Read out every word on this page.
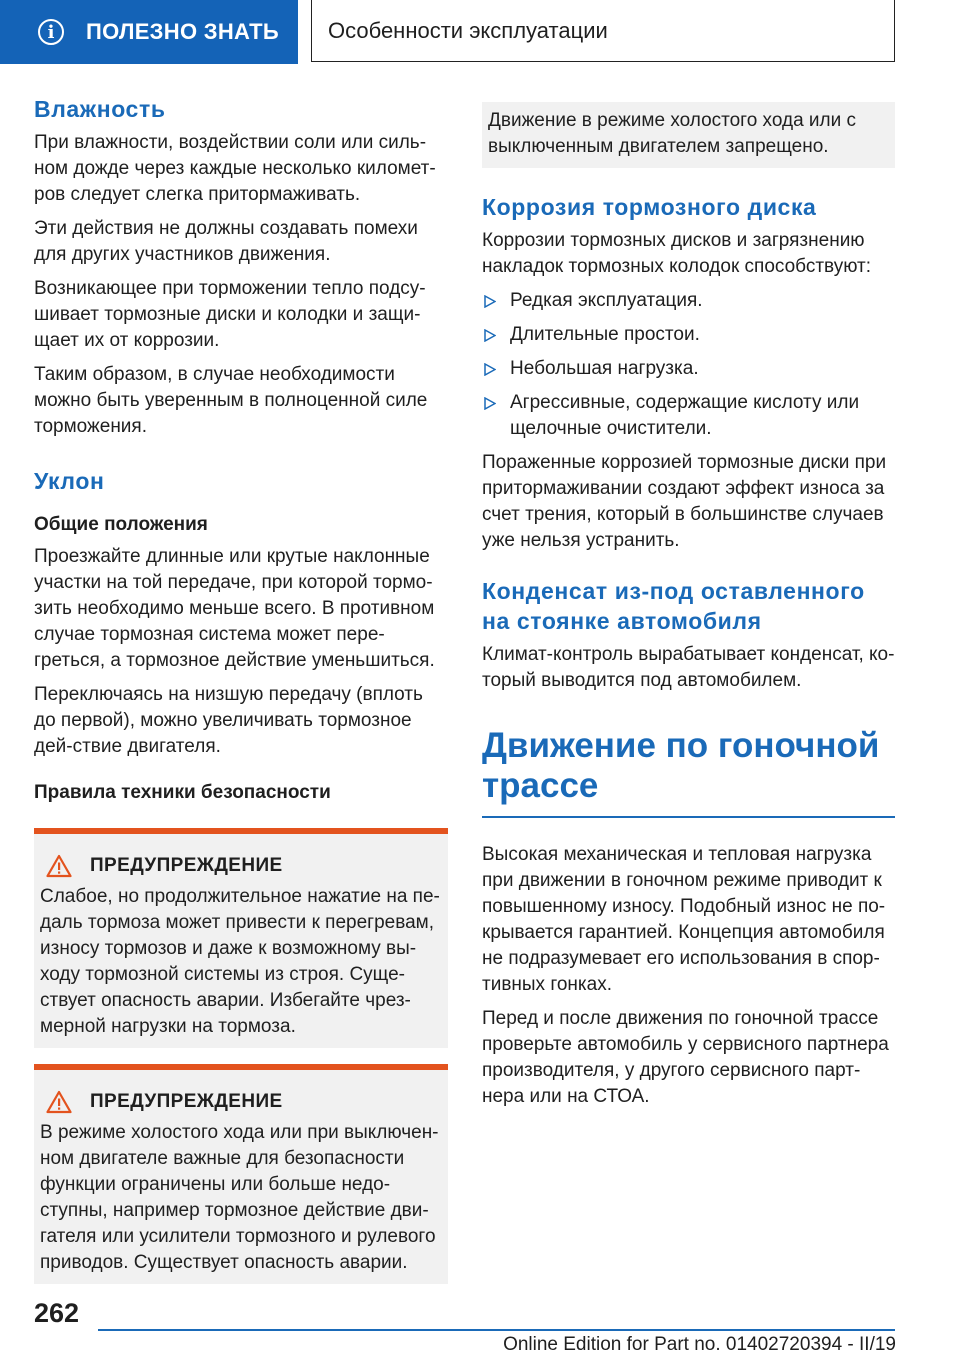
i	ПОЛЕЗНО ЗНАТЬ Особенности эксплуатации
Влажность

При влажности, воздействии соли или силь-ном дожде через каждые несколько километ-ров следует слегка притормаживать.

Эти действия не должны создавать помехи для других участников движения.

Возникающее при торможении тепло подсу-шивает тормозные диски и колодки и защи-щает их от коррозии.

Таким образом, в случае необходимости можно быть уверенным в полноценной силе торможения.

Уклон
Общие положения

Проезжайте длинные или крутые наклонные участки на той передаче, при которой тормо-зить необходимо меньше всего. В противном случае тормозная система может пере-греться, а тормозное действие уменьшиться.

Переключаясь на низшую передачу (вплоть до первой), можно увеличивать тормозное дей-ствие двигателя.

Правила техники безопасности
ПРЕДУПРЕЖДЕНИЕ

Слабое, но продолжительное нажатие на пе-даль тормоза может привести к перегревам, износу тормозов и даже к возможному вы-ходу тормозной системы из строя. Суще-ствует опасность аварии. Избегайте чрез-мерной нагрузки на тормоза.

ПРЕДУПРЕЖДЕНИЕ

В режиме холостого хода или при выключен-ном двигателе важные для безопасности функции ограничены или больше недо-ступны, например тормозное действие дви-гателя или усилители тормозного и рулевого приводов. Существует опасность аварии.

Движение в режиме холостого хода или с выключенным двигателем запрещено.

Коррозия тормозного диска

Коррозии тормозных дисков и загрязнению накладок тормозных колодок способствуют:

Редкая эксплуатация.
Длительные простои.
Небольшая нагрузка.
Агрессивные, содержащие кислоту или щелочные очистители.

Пораженные коррозией тормозные диски при притормаживании создают эффект износа за счет трения, который в большинстве случаев уже нельзя устранить.

Конденсат из-под оставленного на стоянке автомобиля

Климат-контроль вырабатывает конденсат, ко-торый выводится под автомобилем.

Движение по гоночной трассе

Высокая механическая и тепловая нагрузка при движении в гоночном режиме приводит к повышенному износу. Подобный износ не по-крывается гарантией. Концепция автомобиля не подразумевает его использования в спор-тивных гонках.

Перед и после движения по гоночной трассе проверьте автомобиль у сервисного партнера производителя, у другого сервисного парт-нера или на СТОА.

262
Online Edition for Part no. 01402720394 - II/19
